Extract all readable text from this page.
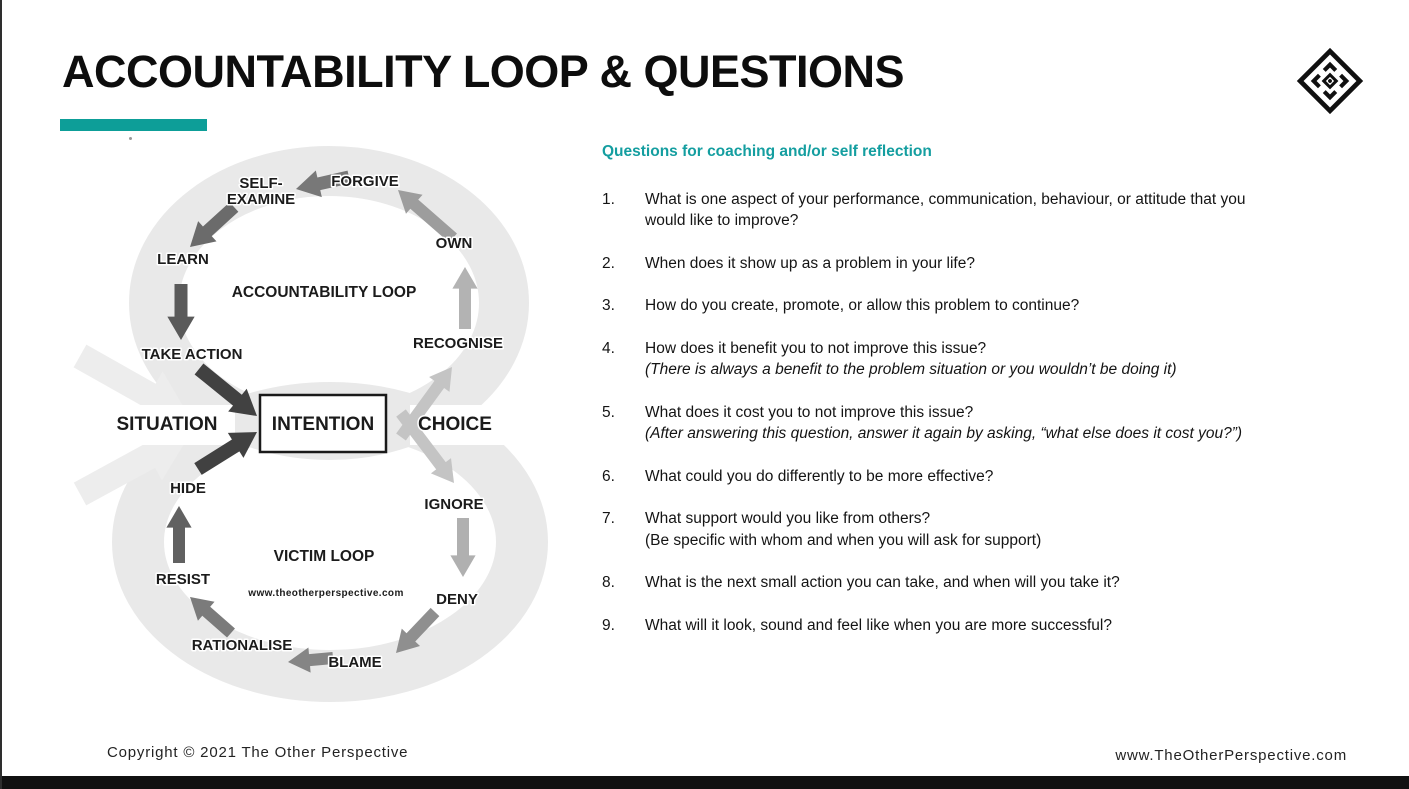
ACCOUNTABILITY LOOP & QUESTIONS
SELF-EXAMINE
FORGIVE
OWN
LEARN
ACCOUNTABILITY LOOP
RECOGNISE
TAKE ACTION
SITUATION	INTENTION CHOICE
HIDE
IGNORE
VICTIM LOOP
www.theotherperspective.com
RESIST
DENY
RATIONALISE
BLAME

Questions for coaching and/or self reflection

1.	What is one aspect of your performance, communication, behaviour, or attitude that you would like to improve?
2.	When does it show up as a problem in your life?
3.	How do you create, promote, or allow this problem to continue?
4.	How does it benefit you to not improve this issue?
(There is always a benefit to the problem situation or you wouldn’t be doing it)
5.	What does it cost you to not improve this issue?
(After answering this question, answer it again by asking, “what else does it cost you?”)
6.	What could you do differently to be more effective?
7.	What support would you like from others?
(Be specific with whom and when you will ask for support)
8.	What is the next small action you can take, and when will you take it?
9.	What will it look, sound and feel like when you are more successful?
Copyright © 2021 The Other Perspective	www.TheOtherPerspective.com
